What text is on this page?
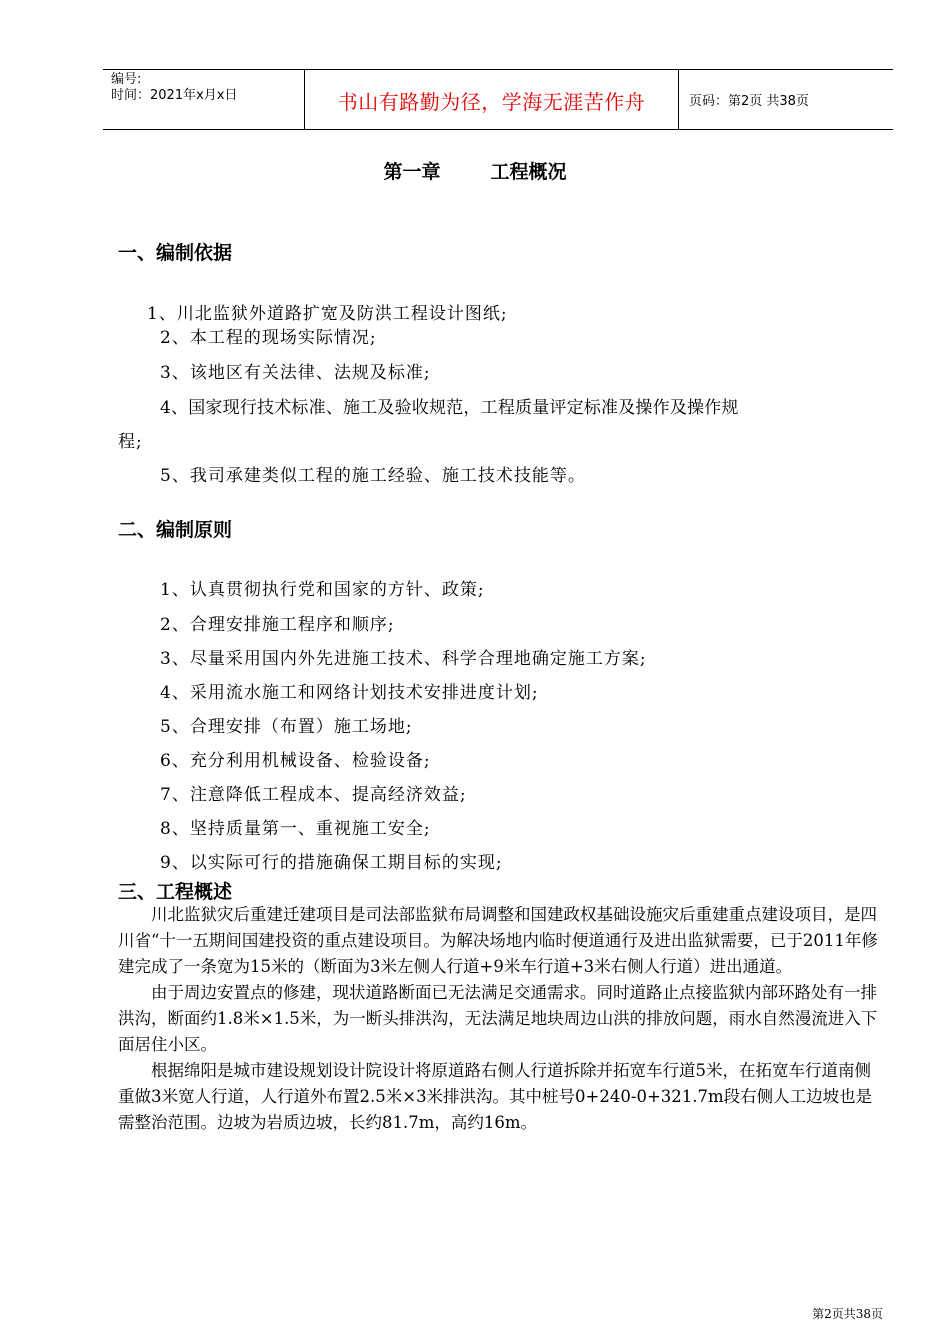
编号:
时间：2021年x月x日	书山有路勤为径，学海无涯苦作舟	页码：第2页 共38页
第一章	工程概况
一、编制依据
1、川北监狱外道路扩宽及防洪工程设计图纸;
2、本工程的现场实际情况;
3、该地区有关法律、法规及标准;
4、国家现行技术标准、施工及验收规范，工程质量评定标准及操作及操作规
程;
5、我司承建类似工程的施工经验、施工技术技能等。
二、编制原则
1、认真贯彻执行党和国家的方针、政策;
2、合理安排施工程序和顺序;
3、尽量采用国内外先进施工技术、科学合理地确定施工方案;
4、采用流水施工和网络计划技术安排进度计划;
5、合理安排（布置）施工场地;
6、充分利用机械设备、检验设备;
7、注意降低工程成本、提高经济效益;
8、坚持质量第一、重视施工安全;
9、以实际可行的措施确保工期目标的实现;
三、工程概述

川北监狱灾后重建迁建项目是司法部监狱布局调整和国建政权基础设施灾后重建重点建设项目，是四川省“十一五期间国建投资的重点建设项目。为解决场地内临时便道通行及进出监狱需要，已于2011年修建完成了一条宽为15米的（断面为3米左侧人行道+9米车行道+3米右侧人行道）进出通道。

由于周边安置点的修建，现状道路断面已无法满足交通需求。同时道路止点接监狱内部环路处有一排洪沟，断面约1.8米×1.5米，为一断头排洪沟，无法满足地块周边山洪的排放问题，雨水自然漫流进入下面居住小区。

根据绵阳是城市建设规划设计院设计将原道路右侧人行道拆除并拓宽车行道5米，在拓宽车行道南侧重做3米宽人行道，人行道外布置2.5米×3米排洪沟。其中桩号0+240-0+321.7m段右侧人工边坡也是需整治范围。边坡为岩质边坡，长约81.7m，高约16m。

第2页共38页
